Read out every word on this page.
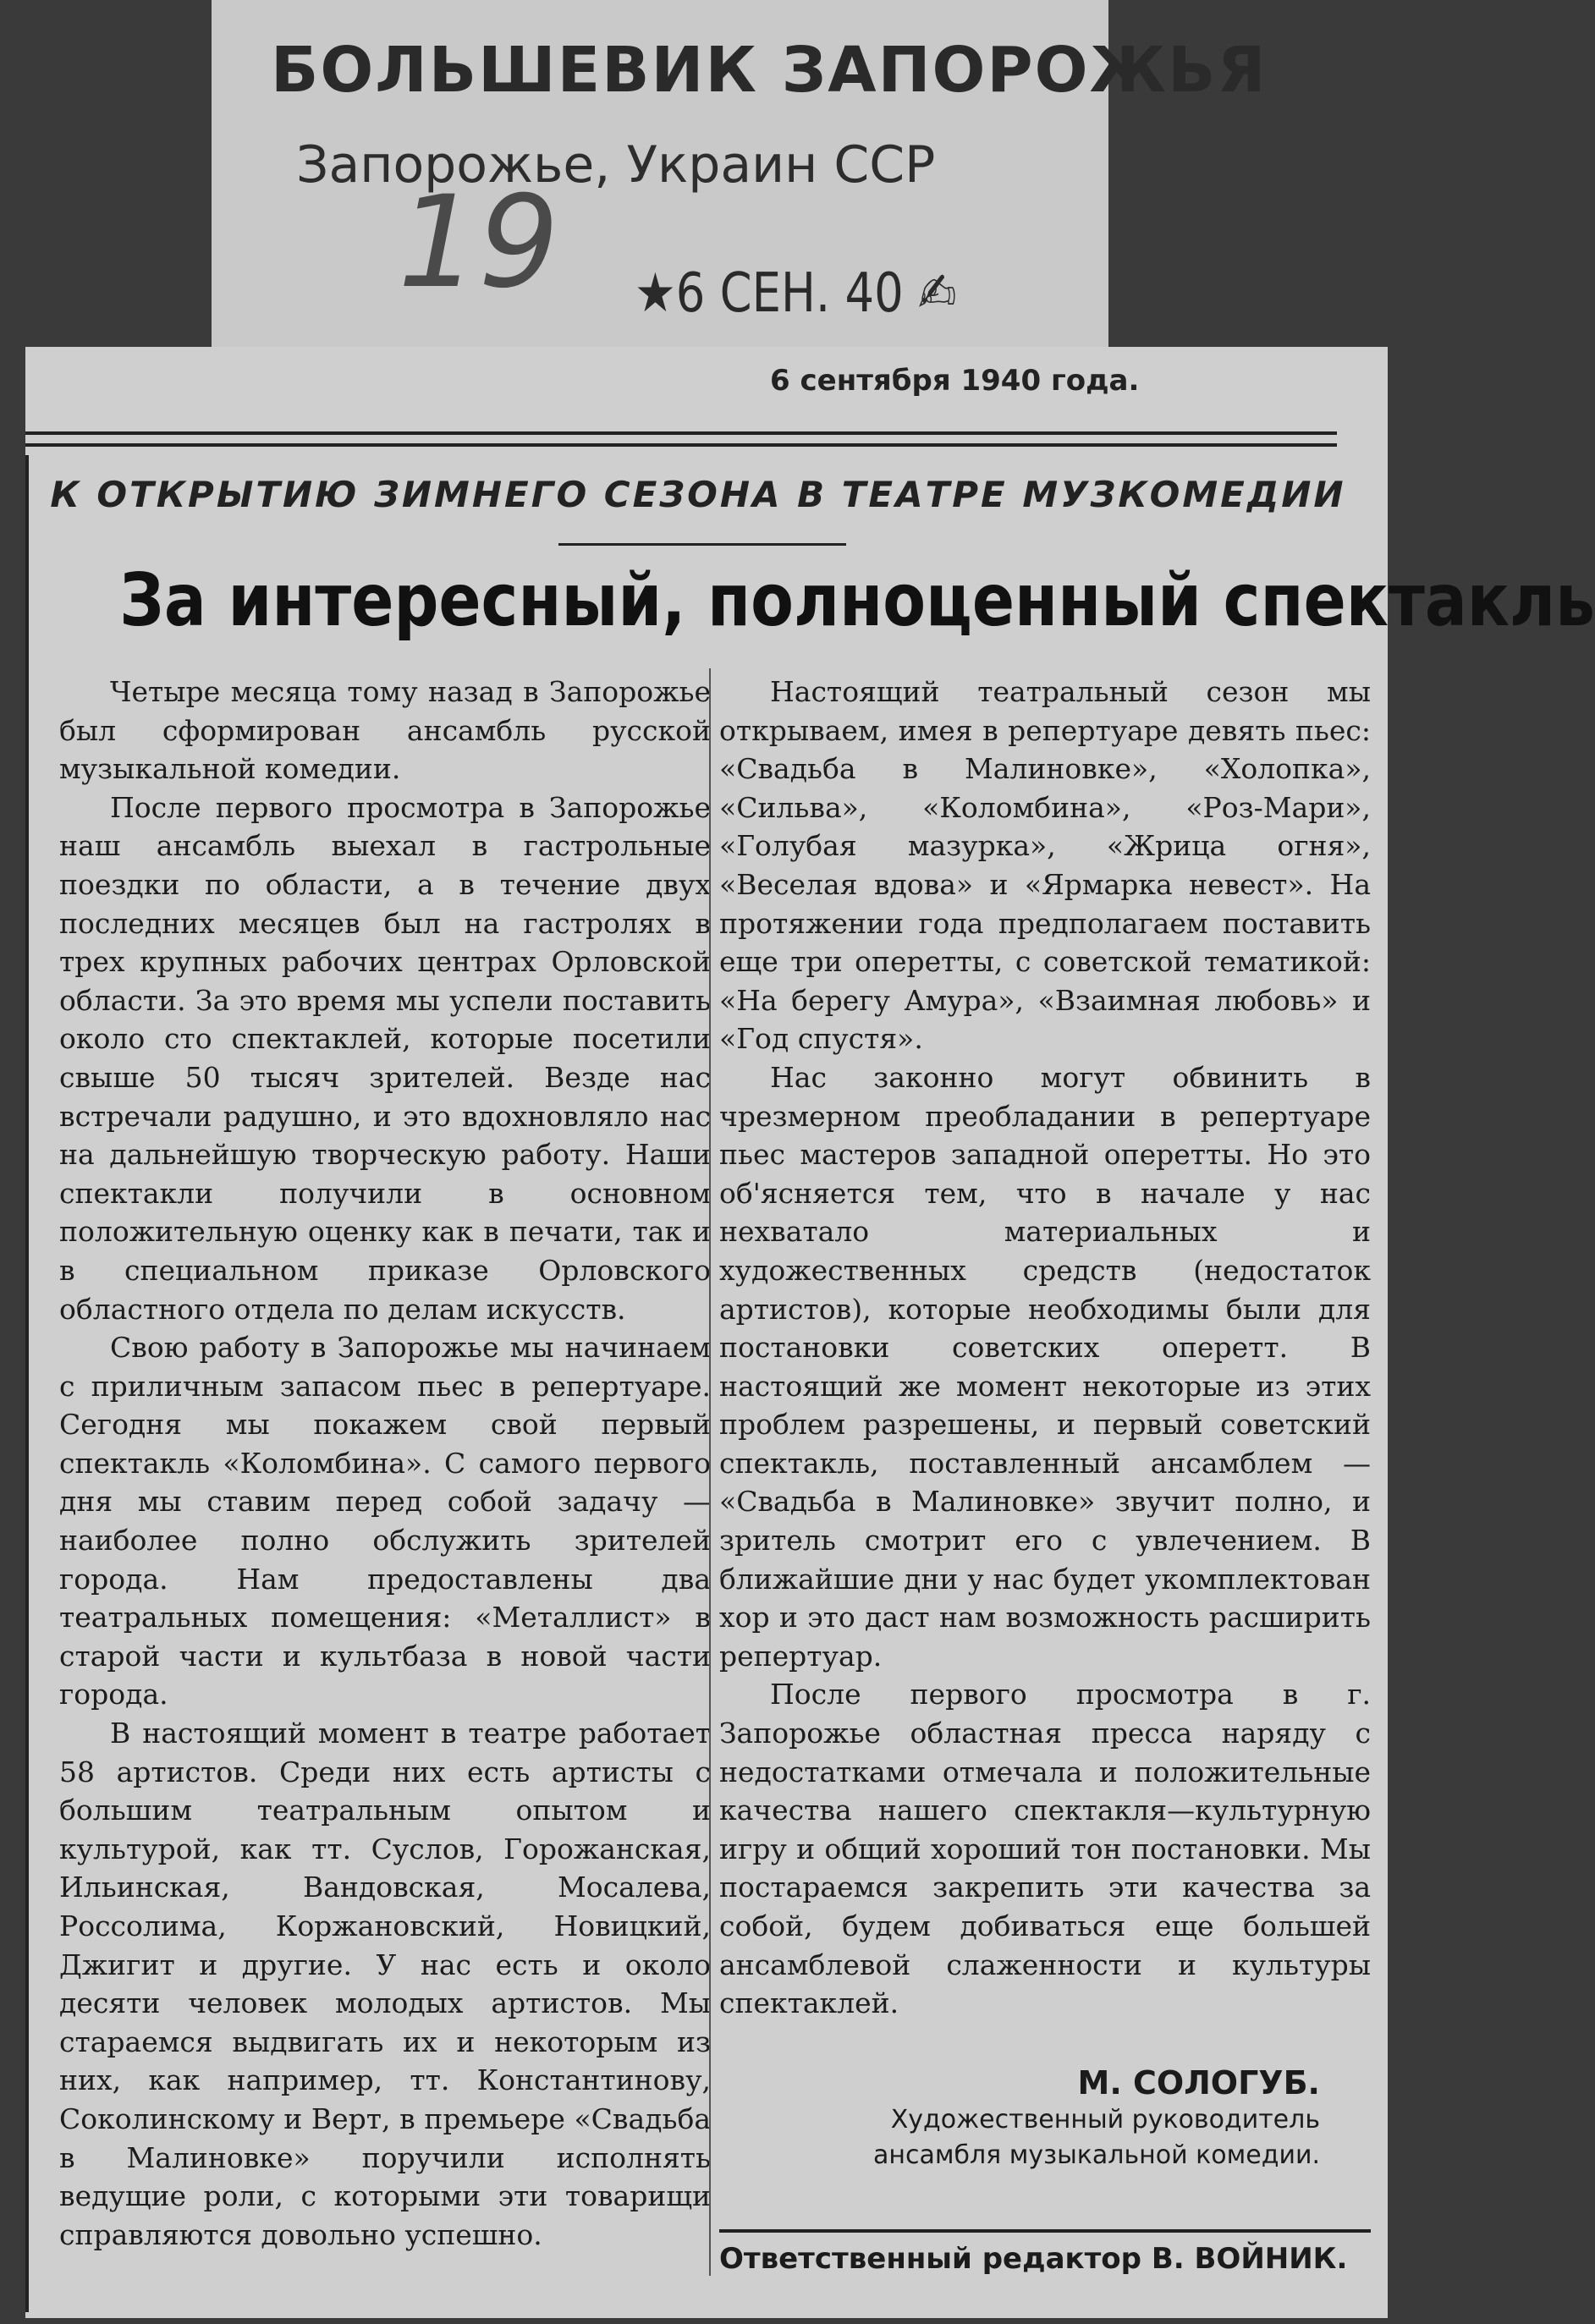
БОЛЬШЕВИК ЗАПОРОЖЬЯ
Запорожье, Украин ССР
19	★6 СЕН. 40 ✍
6 сентября 1940 года.
К ОТКРЫТИЮ ЗИМНЕГО СЕЗОНА В ТЕАТРЕ МУЗКОМЕДИИ
За интересный, полноценный спектакль

Четыре месяца тому назад в Запорожье был сформирован ансамбль русской музыкальной комедии.

После первого просмотра в Запорожье наш ансамбль выехал в гастрольные поездки по области, а в течение двух последних месяцев был на гастролях в трех крупных рабочих центрах Орловской области. За это время мы успели поставить около сто спектаклей, которые посетили свыше 50 тысяч зрителей. Везде нас встречали радушно, и это вдохновляло нас на дальнейшую творческую работу. Наши спектакли получили в основном положительную оценку как в печати, так и в специальном приказе Орловского областного отдела по делам искусств.

Свою работу в Запорожье мы начинаем с приличным запасом пьес в репертуаре. Сегодня мы покажем свой первый спектакль «Коломбина». С самого первого дня мы ставим перед собой задачу — наиболее полно обслужить зрителей города. Нам предоставлены два театральных помещения: «Металлист» в старой части и культбаза в новой части города.

В настоящий момент в театре работает 58 артистов. Среди них есть артисты с большим театральным опытом и культурой, как тт. Суслов, Горожанская, Ильинская, Вандовская, Мосалева, Россолима, Коржановский, Новицкий, Джигит и другие. У нас есть и около десяти человек молодых артистов. Мы стараемся выдвигать их и некоторым из них, как например, тт. Константинову, Соколинскому и Верт, в премьере «Свадьба в Малиновке» поручили исполнять ведущие роли, с которыми эти товарищи справляются довольно успешно.

Настоящий театральный сезон мы открываем, имея в репертуаре девять пьес: «Свадьба в Малиновке», «Холопка», «Сильва», «Коломбина», «Роз-Мари», «Голубая мазурка», «Жрица огня», «Веселая вдова» и «Ярмарка невест». На протяжении года предполагаем поставить еще три оперетты, с советской тематикой: «На берегу Амура», «Взаимная любовь» и «Год спустя».

Нас законно могут обвинить в чрезмерном преобладании в репертуаре пьес мастеров западной оперетты. Но это об'ясняется тем, что в начале у нас нехватало материальных и художественных средств (недостаток артистов), которые необходимы были для постановки советских оперетт. В настоящий же момент некоторые из этих проблем разрешены, и первый советский спектакль, поставленный ансамблем — «Свадьба в Малиновке» звучит полно, и зритель смотрит его с увлечением. В ближайшие дни у нас будет укомплектован хор и это даст нам возможность расширить репертуар.

После первого просмотра в г. Запорожье областная пресса наряду с недостатками отмечала и положительные качества нашего спектакля—культурную игру и общий хороший тон постановки. Мы постараемся закрепить эти качества за собой, будем добиваться еще большей ансамблевой слаженности и культуры спектаклей.

М. СОЛОГУБ.
Художественный руководитель
ансамбля музыкальной комедии.
Ответственный редактор В. ВОЙНИК.
